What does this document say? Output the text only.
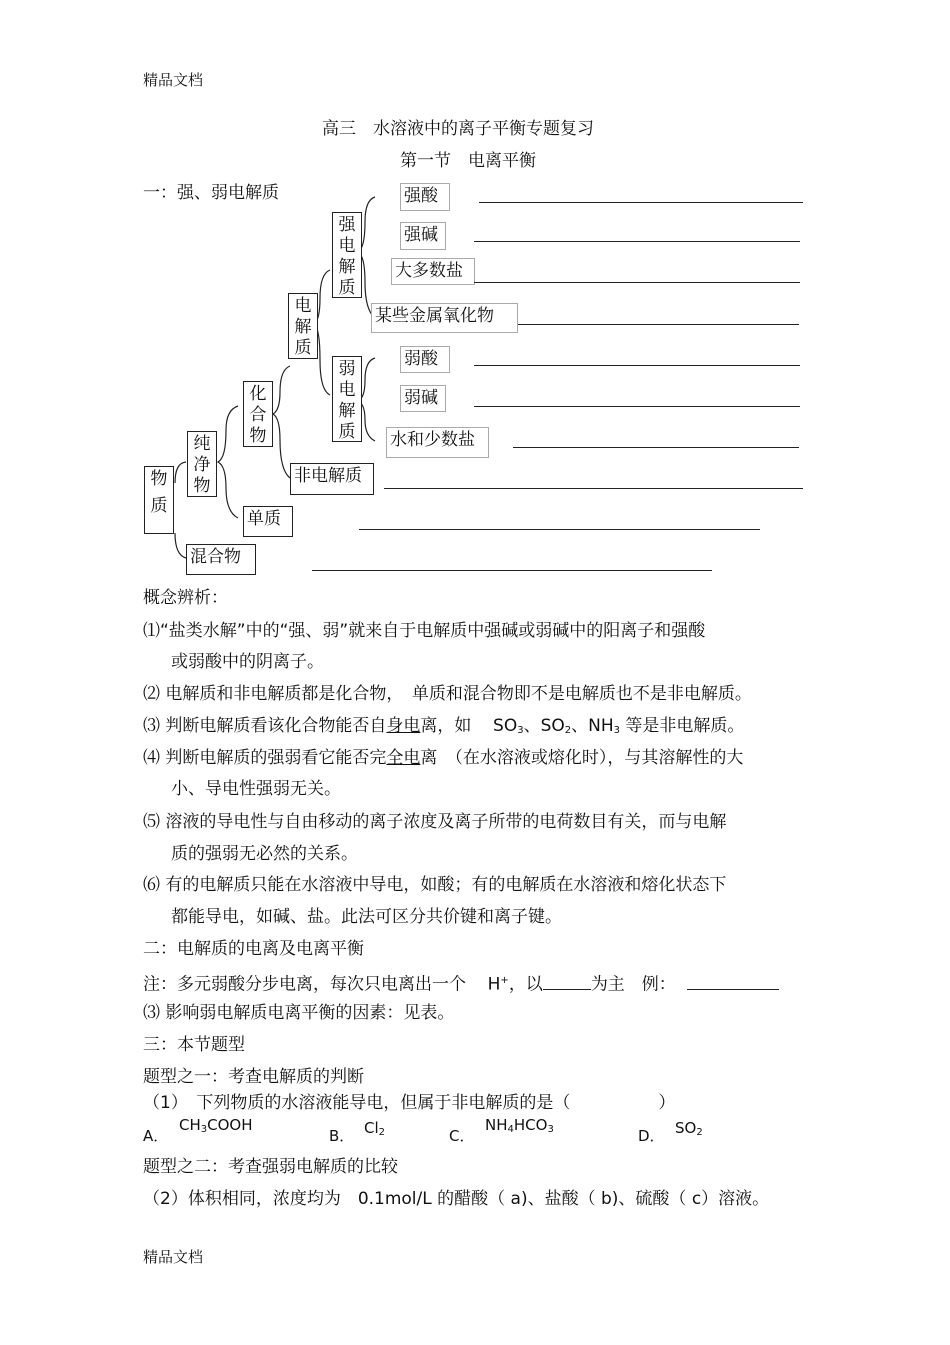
精品文档
高三　水溶液中的离子平衡专题复习
第一节　电离平衡
一：强、弱电解质
物
质
纯
净
物
混合物
化
合
物
单质
电
解
质
非电解质
强
电
解
质
弱
电
解
质
强酸
强碱
大多数盐
某些金属氧化物
弱酸
弱碱
水和少数盐
概念辨析：
⑴“盐类水解”中的“强、弱”就来自于电解质中强碱或弱碱中的阳离子和强酸
或弱酸中的阴离子。
⑵ 电解质和非电解质都是化合物，　单质和混合物即不是电解质也不是非电解质。
⑶ 判断电解质看该化合物能否自身电离，如 $SO_3$、$SO_2$、$NH_3$ 等是非电解质。
⑷ 判断电解质的强弱看它能否完全电离　（在水溶液或熔化时），与其溶解性的大
小、导电性强弱无关。
⑸ 溶液的导电性与自由移动的离子浓度及离子所带的电荷数目有关，而与电解
质的强弱无必然的关系。
⑹ 有的电解质只能在水溶液中导电，如酸；有的电解质在水溶液和熔化状态下
都能导电，如碱、盐。此法可区分共价键和离子键。
二：电解质的电离及电离平衡
注：多元弱酸分步电离，每次只电离出一个 H+，以	为主　例：
⑶ 影响弱电解质电离平衡的因素：见表。
三：本节题型
题型之一：考查电解质的判断
（1）　下列物质的水溶液能导电，但属于非电解质的是（	）
A．
$CH_3COOH$
B． $Cl_2$	C．
$NH_4HCO_3$	D． $SO_2$
题型之二：考查强弱电解质的比较
（2）体积相同，浓度均为　0.1mol/L 的醋酸（ a)、盐酸（ b)、硫酸（ c）溶液。
精品文档
